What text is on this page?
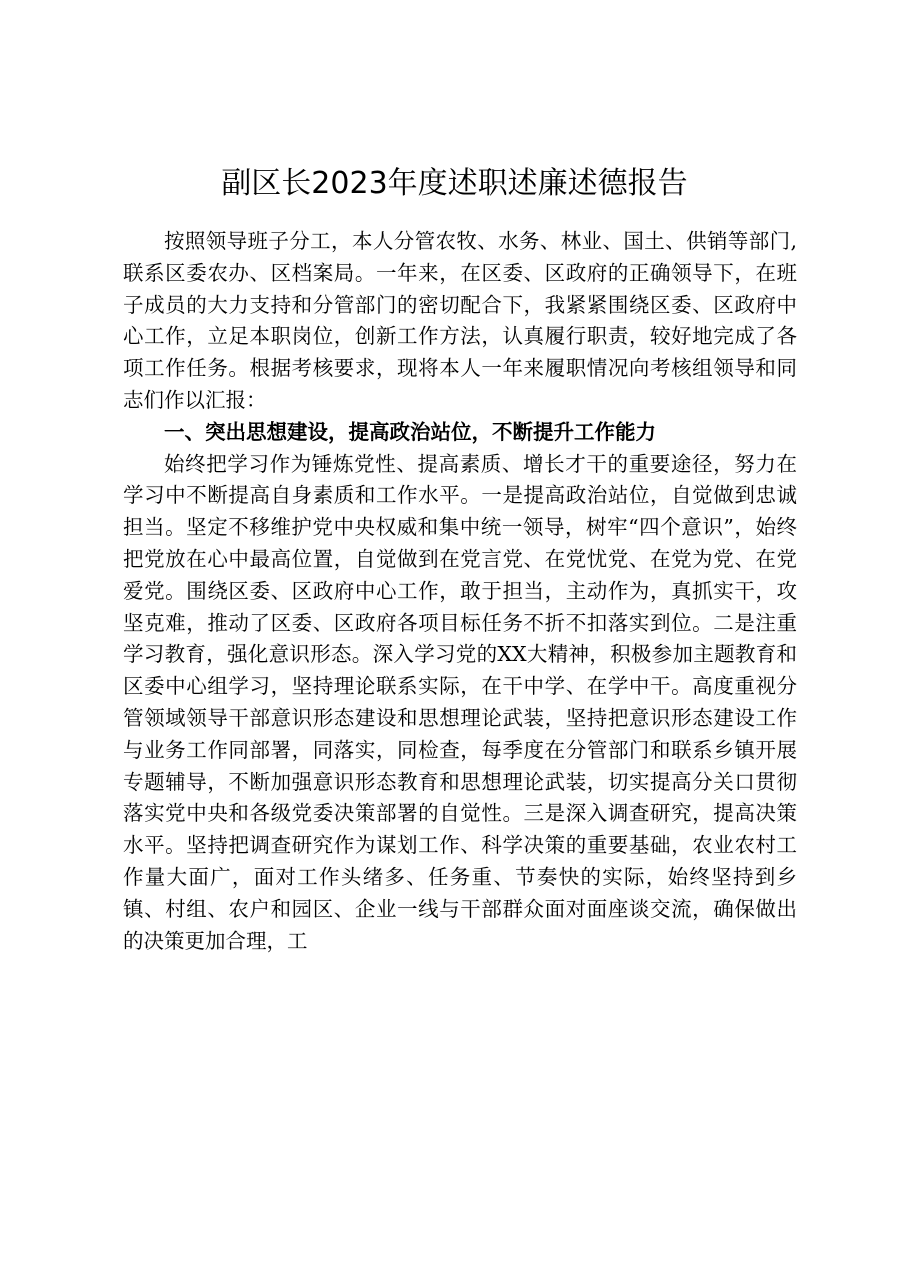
副区长2023年度述职述廉述德报告

按照领导班子分工，本人分管农牧、水务、林业、国土、供销等部门,联系区委农办、区档案局。一年来，在区委、区政府的正确领导下，在班子成员的大力支持和分管部门的密切配合下，我紧紧围绕区委、区政府中心工作，立足本职岗位，创新工作方法，认真履行职责，较好地完成了各项工作任务。根据考核要求，现将本人一年来履职情况向考核组领导和同志们作以汇报：

一、突出思想建设，提高政治站位，不断提升工作能力

始终把学习作为锤炼党性、提高素质、增长才干的重要途径，努力在学习中不断提高自身素质和工作水平。一是提高政治站位，自觉做到忠诚担当。坚定不移维护党中央权威和集中统一领导，树牢“四个意识”，始终把党放在心中最高位置，自觉做到在党言党、在党忧党、在党为党、在党爱党。围绕区委、区政府中心工作，敢于担当，主动作为，真抓实干，攻坚克难，推动了区委、区政府各项目标任务不折不扣落实到位。二是注重学习教育，强化意识形态。深入学习党的XX大精神，积极参加主题教育和区委中心组学习，坚持理论联系实际，在干中学、在学中干。高度重视分管领域领导干部意识形态建设和思想理论武装，坚持把意识形态建设工作与业务工作同部署，同落实，同检查，每季度在分管部门和联系乡镇开展专题辅导，不断加强意识形态教育和思想理论武装，切实提高分关口贯彻落实党中央和各级党委决策部署的自觉性。三是深入调查研究，提高决策水平。坚持把调查研究作为谋划工作、科学决策的重要基础，农业农村工作量大面广，面对工作头绪多、任务重、节奏快的实际，始终坚持到乡镇、村组、农户和园区、企业一线与干部群众面对面座谈交流，确保做出的决策更加合理，工
